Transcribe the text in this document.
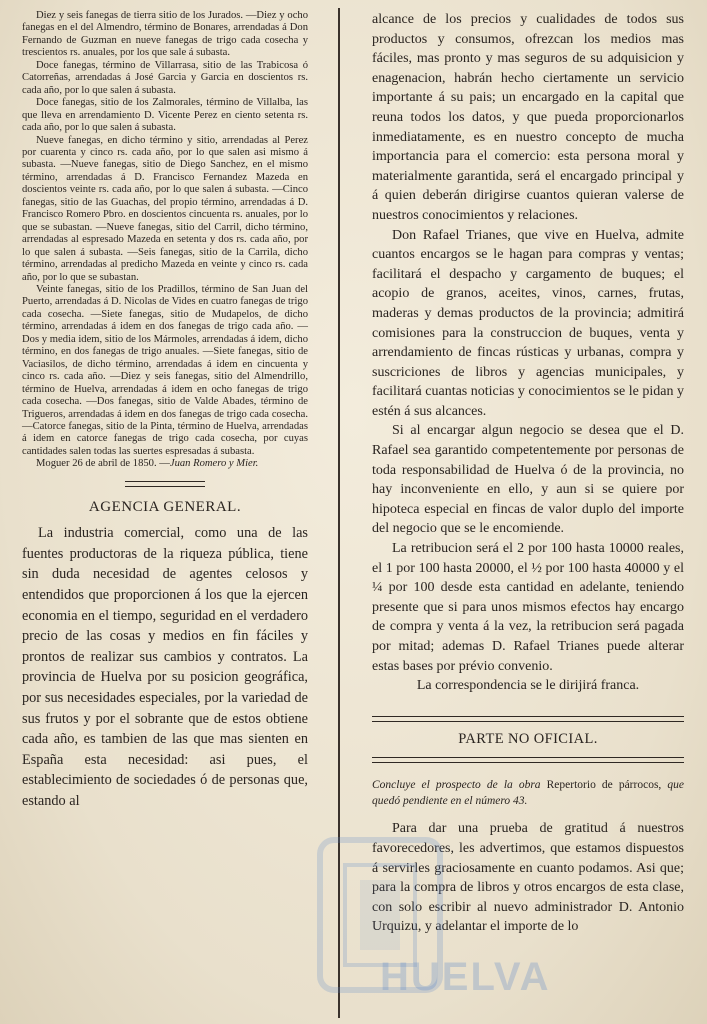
Diez y seis fanegas de tierra sitio de los Jurados. —Diez y ocho fanegas en el del Almendro, término de Bonares, arrendadas á Don Fernando de Guzman en nueve fanegas de trigo cada cosecha y trescientos rs. anuales, por los que sale á subasta.

Doce fanegas, término de Villarrasa, sitio de las Trabicosa ó Catorreñas, arrendadas á José Garcia y Garcia en doscientos rs. cada año, por lo que salen á subasta.

Doce fanegas, sitio de los Zalmorales, término de Villalba, las que lleva en arrendamiento D. Vicente Perez en ciento setenta rs. cada año, por lo que salen á subasta.

Nueve fanegas, en dicho término y sitio, arrendadas al Perez por cuarenta y cinco rs. cada año, por lo que salen asi mismo á subasta. —Nueve fanegas, sitio de Diego Sanchez, en el mismo término, arrendadas á D. Francisco Fernandez Mazeda en doscientos veinte rs. cada año, por lo que salen á subasta. —Cinco fanegas, sitio de las Guachas, del propio término, arrendadas á D. Francisco Romero Pbro. en doscientos cincuenta rs. anuales, por lo que se subastan. —Nueve fanegas, sitio del Carril, dicho término, arrendadas al espresado Mazeda en setenta y dos rs. cada año, por lo que salen á subasta. —Seis fanegas, sitio de la Carrila, dicho término, arrendadas al predicho Mazeda en veinte y cinco rs. cada año, por lo que se subastan.

Veinte fanegas, sitio de los Pradillos, término de San Juan del Puerto, arrendadas á D. Nicolas de Vides en cuatro fanegas de trigo cada cosecha. —Siete fanegas, sitio de Mudapelos, de dicho término, arrendadas á idem en dos fanegas de trigo cada año. —Dos y media idem, sitio de los Mármoles, arrendadas á idem, dicho término, en dos fanegas de trigo anuales. —Siete fanegas, sitio de Vaciasilos, de dicho término, arrendadas á idem en cincuenta y cinco rs. cada año. —Diez y seis fanegas, sitio del Almendrillo, término de Huelva, arrendadas á idem en ocho fanegas de trigo cada cosecha. —Dos fanegas, sitio de Valde Abades, término de Trigueros, arrendadas á idem en dos fanegas de trigo cada cosecha. —Catorce fanegas, sitio de la Pinta, término de Huelva, arrendadas á idem en catorce fanegas de trigo cada cosecha, por cuyas cantidades salen todas las suertes espresadas á subasta.

Moguer 26 de abril de 1850. —Juan Romero y Mier.

AGENCIA GENERAL.

La industria comercial, como una de las fuentes productoras de la riqueza pública, tiene sin duda necesidad de agentes celosos y entendidos que proporcionen á los que la ejercen economia en el tiempo, seguridad en el verdadero precio de las cosas y medios en fin fáciles y prontos de realizar sus cambios y contratos. La provincia de Huelva por su posicion geográfica, por sus necesidades especiales, por la variedad de sus frutos y por el sobrante que de estos obtiene cada año, es tambien de las que mas sienten en España esta necesidad: asi pues, el establecimiento de sociedades ó de personas que, estando al

alcance de los precios y cualidades de todos sus productos y consumos, ofrezcan los medios mas fáciles, mas pronto y mas seguros de su adquisicion y enagenacion, habrán hecho ciertamente un servicio importante á su pais; un encargado en la capital que reuna todos los datos, y que pueda proporcionarlos inmediatamente, es en nuestro concepto de mucha importancia para el comercio: esta persona moral y materialmente garantida, será el encargado principal y á quien deberán dirigirse cuantos quieran valerse de nuestros conocimientos y relaciones.

Don Rafael Trianes, que vive en Huelva, admite cuantos encargos se le hagan para compras y ventas; facilitará el despacho y cargamento de buques; el acopio de granos, aceites, vinos, carnes, frutas, maderas y demas productos de la provincia; admitirá comisiones para la construccion de buques, venta y arrendamiento de fincas rústicas y urbanas, compra y suscriciones de libros y agencias municipales, y facilitará cuantas noticias y conocimientos se le pidan y estén á sus alcances.

Si al encargar algun negocio se desea que el D. Rafael sea garantido competentemente por personas de toda responsabilidad de Huelva ó de la provincia, no hay inconveniente en ello, y aun si se quiere por hipoteca especial en fincas de valor duplo del importe del negocio que se le encomiende.

La retribucion será el 2 por 100 hasta 10000 reales, el 1 por 100 hasta 20000, el ½ por 100 hasta 40000 y el ¼ por 100 desde esta cantidad en adelante, teniendo presente que si para unos mismos efectos hay encargo de compra y venta á la vez, la retribucion será pagada por mitad; ademas D. Rafael Trianes puede alterar estas bases por prévio convenio.

La correspondencia se le dirijirá franca.

PARTE NO OFICIAL.
Concluye el prospecto de la obra Repertorio de párrocos, que quedó pendiente en el número 43.

Para dar una prueba de gratitud á nuestros favorecedores, les advertimos, que estamos dispuestos á servirles graciosamente en cuanto podamos. Asi que; para la compra de libros y otros encargos de esta clase, con solo escribir al nuevo administrador D. Antonio Urquizu, y adelantar el importe de lo

HUELVA
